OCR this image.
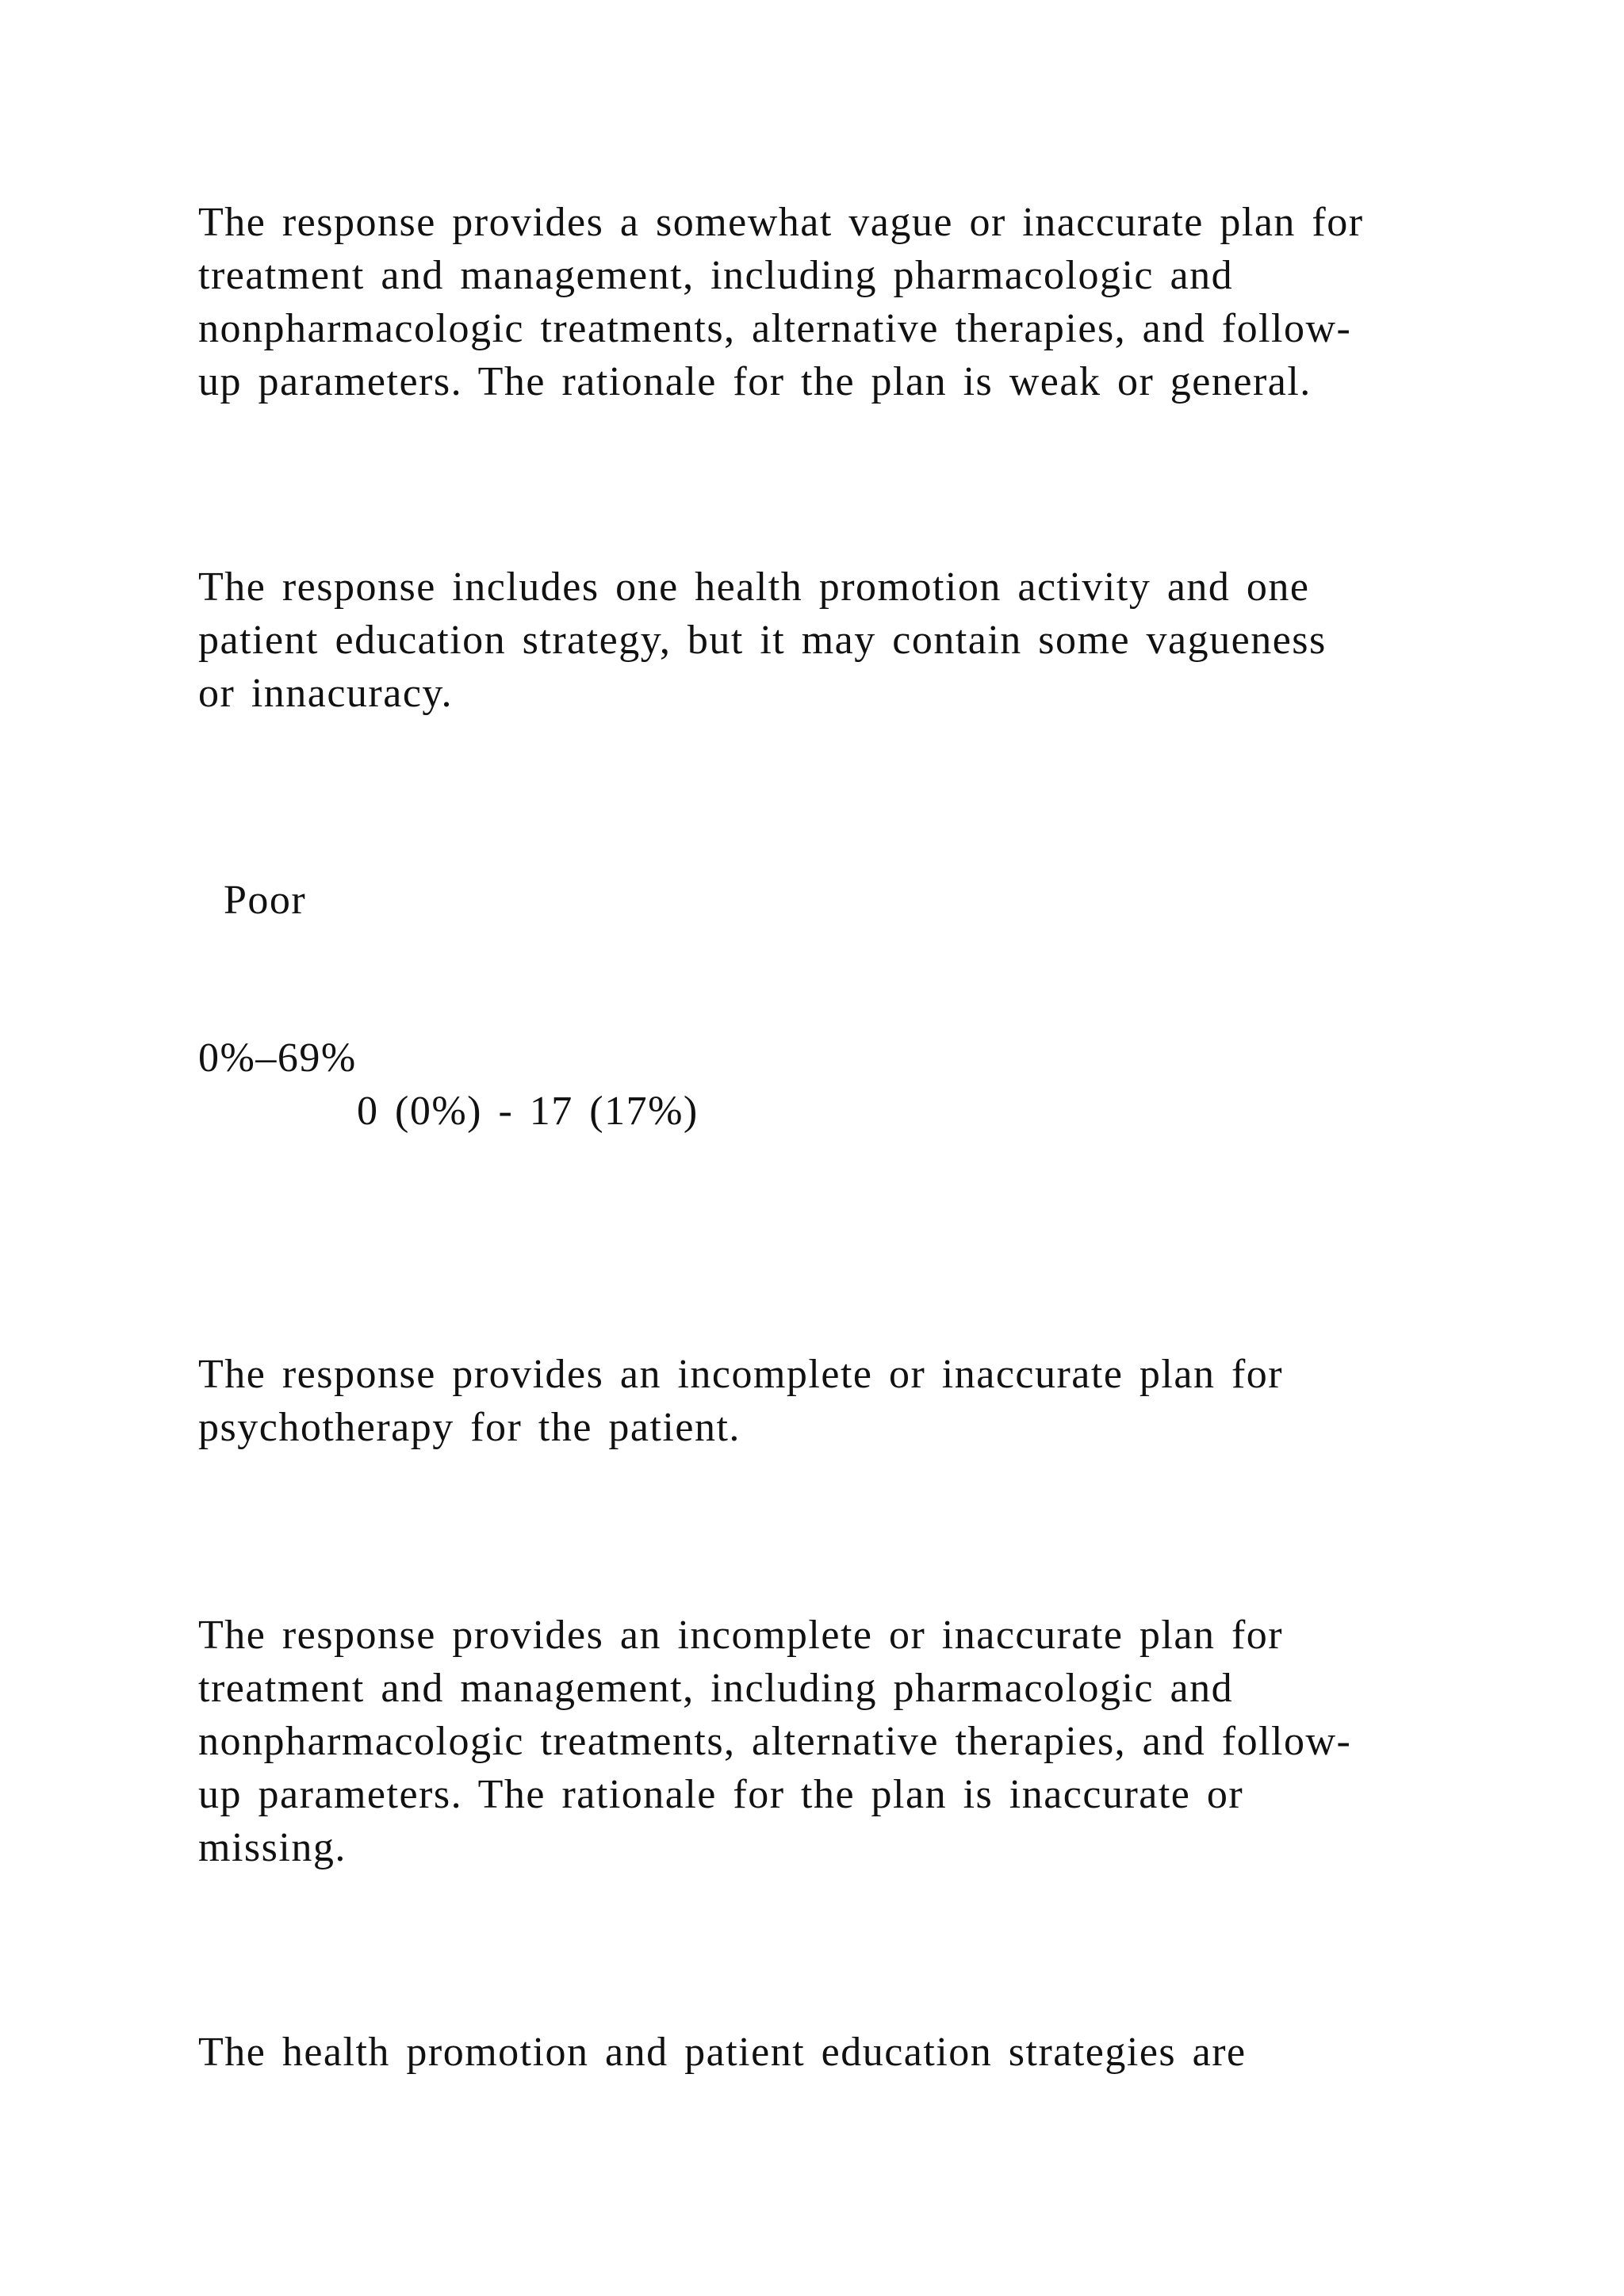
The response provides a somewhat vague or inaccurate plan for
treatment and management, including pharmacologic and
nonpharmacologic treatments, alternative therapies, and follow-
up parameters. The rationale for the plan is weak or general.
The response includes one health promotion activity and one
patient education strategy, but it may contain some vagueness
or innacuracy.
Poor
0%–69%
0 (0%) - 17 (17%)
The response provides an incomplete or inaccurate plan for
psychotherapy for the patient.
The response provides an incomplete or inaccurate plan for
treatment and management, including pharmacologic and
nonpharmacologic treatments, alternative therapies, and follow-
up parameters. The rationale for the plan is inaccurate or
missing.
The health promotion and patient education strategies are
